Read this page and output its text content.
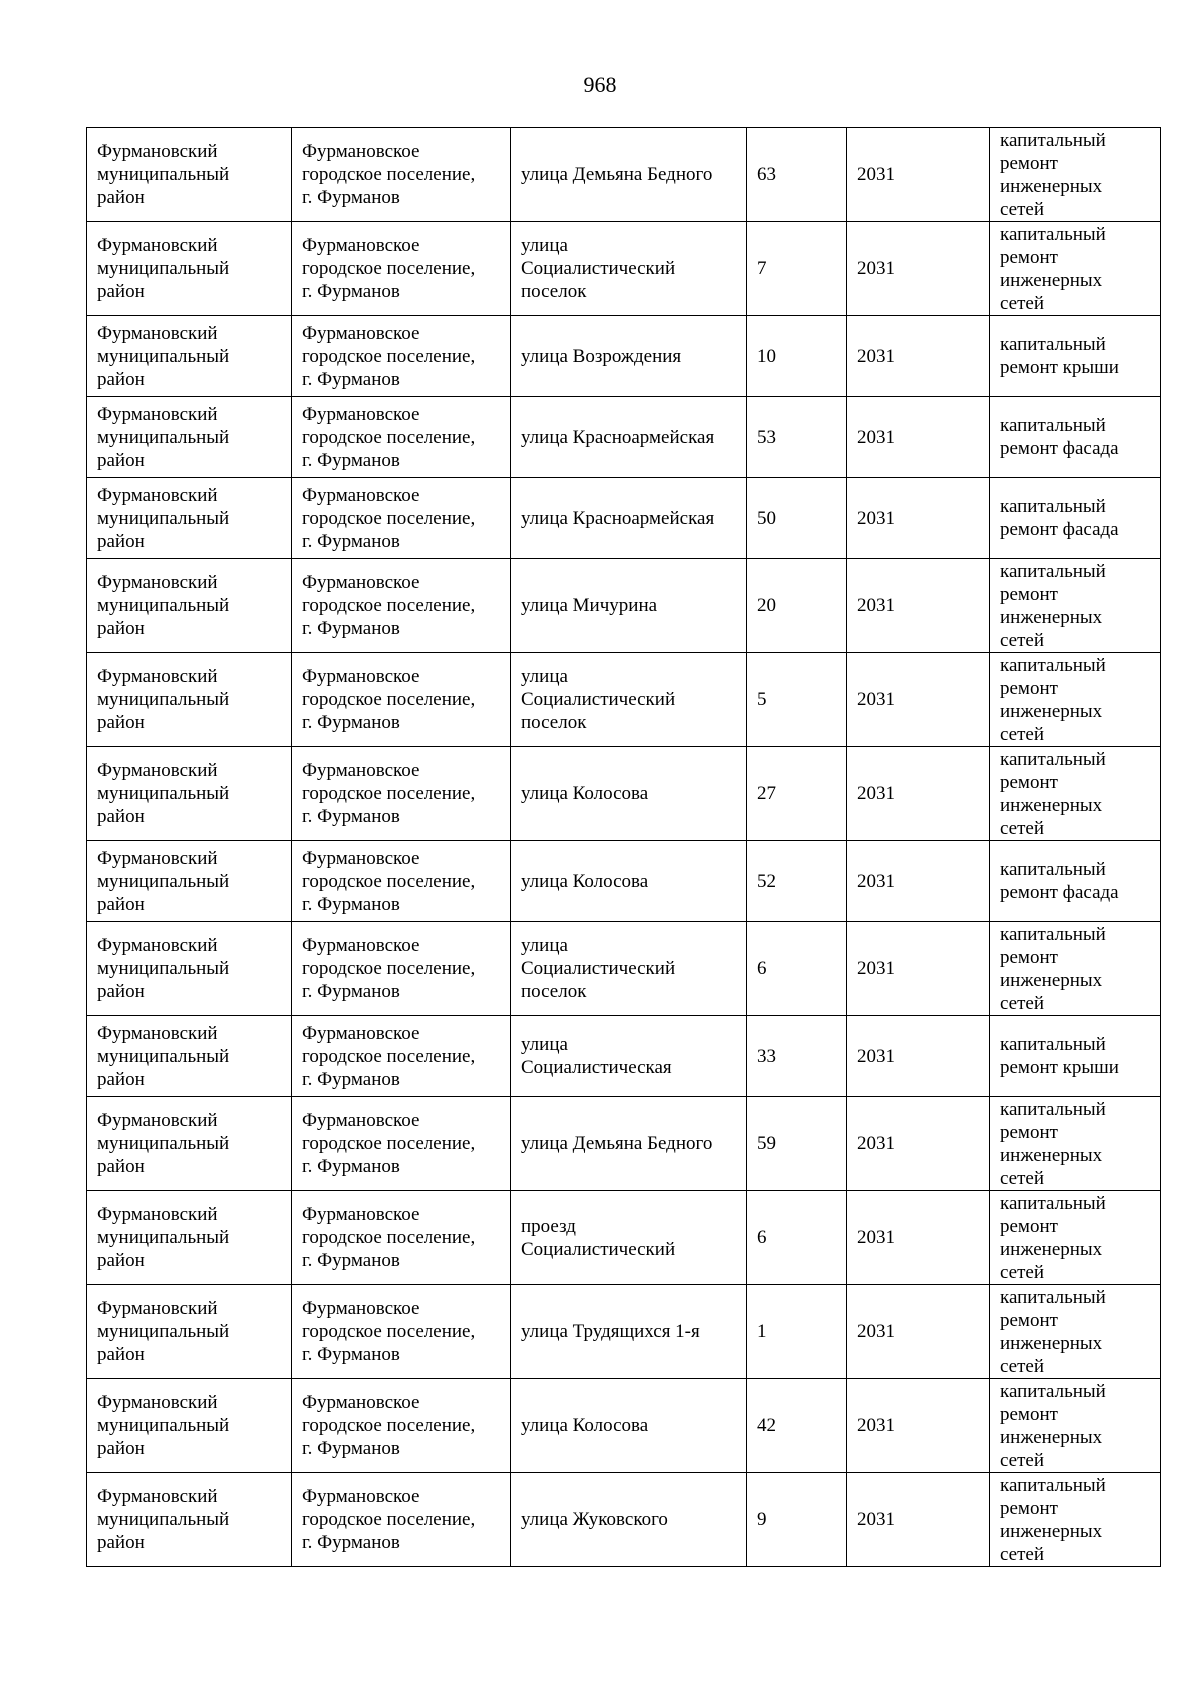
968
Фурмановский
муниципальный
район	Фурмановское
городское поселение,
г. Фурманов	улица Демьяна Бедного	63	2031	капитальный
ремонт
инженерных
сетей
Фурмановский
муниципальный
район	Фурмановское
городское поселение,
г. Фурманов	улица
Социалистический
поселок	7	2031	капитальный
ремонт
инженерных
сетей
Фурмановский
муниципальный
район	Фурмановское
городское поселение,
г. Фурманов	улица Возрождения	10	2031	капитальный
ремонт крыши
Фурмановский
муниципальный
район	Фурмановское
городское поселение,
г. Фурманов	улица Красноармейская	53	2031	капитальный
ремонт фасада
Фурмановский
муниципальный
район	Фурмановское
городское поселение,
г. Фурманов	улица Красноармейская	50	2031	капитальный
ремонт фасада
Фурмановский
муниципальный
район	Фурмановское
городское поселение,
г. Фурманов	улица Мичурина	20	2031	капитальный
ремонт
инженерных
сетей
Фурмановский
муниципальный
район	Фурмановское
городское поселение,
г. Фурманов	улица
Социалистический
поселок	5	2031	капитальный
ремонт
инженерных
сетей
Фурмановский
муниципальный
район	Фурмановское
городское поселение,
г. Фурманов	улица Колосова	27	2031	капитальный
ремонт
инженерных
сетей
Фурмановский
муниципальный
район	Фурмановское
городское поселение,
г. Фурманов	улица Колосова	52	2031	капитальный
ремонт фасада
Фурмановский
муниципальный
район	Фурмановское
городское поселение,
г. Фурманов	улица
Социалистический
поселок	6	2031	капитальный
ремонт
инженерных
сетей
Фурмановский
муниципальный
район	Фурмановское
городское поселение,
г. Фурманов	улица
Социалистическая	33	2031	капитальный
ремонт крыши
Фурмановский
муниципальный
район	Фурмановское
городское поселение,
г. Фурманов	улица Демьяна Бедного	59	2031	капитальный
ремонт
инженерных
сетей
Фурмановский
муниципальный
район	Фурмановское
городское поселение,
г. Фурманов	проезд
Социалистический	6	2031	капитальный
ремонт
инженерных
сетей
Фурмановский
муниципальный
район	Фурмановское
городское поселение,
г. Фурманов	улица Трудящихся 1-я	1	2031	капитальный
ремонт
инженерных
сетей
Фурмановский
муниципальный
район	Фурмановское
городское поселение,
г. Фурманов	улица Колосова	42	2031	капитальный
ремонт
инженерных
сетей
Фурмановский
муниципальный
район	Фурмановское
городское поселение,
г. Фурманов	улица Жуковского	9	2031	капитальный
ремонт
инженерных
сетей
